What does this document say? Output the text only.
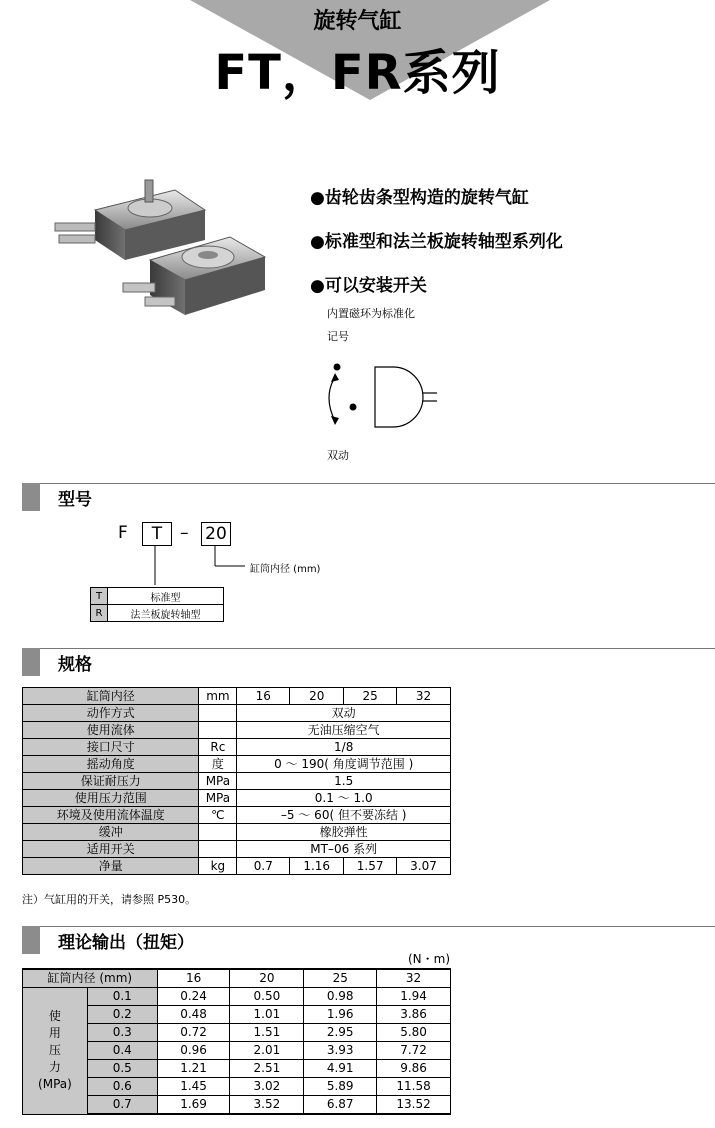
旋转气缸
FT，FR系列
●齿轮齿条型构造的旋转气缸
●标准型和法兰板旋转轴型系列化
●可以安装开关
内置磁环为标准化
记号
双动
型号
F	T	– 20
缸筒内径 (mm)
T	标准型
R	法兰板旋转轴型
规格
缸筒内径	mm	16	20	25	32
动作方式		双动			
使用流体		无油压缩空气			
接口尺寸	Rc	1/8			
摇动角度	度	0 ～ 190( 角度调节范围 )			
保证耐压力	MPa	1.5			
使用压力范围	MPa	0.1 ～ 1.0			
环境及使用流体温度	℃	–5 ～ 60( 但不要冻结 )			
缓冲		橡胶弹性			
适用开关		MT–06 系列			
净量	kg	0.7	1.16	1.57	3.07
注）气缸用的开关，请参照 P530。
理论输出（扭矩）
(N・m)
缸筒内径 (mm)		16	20	25	32

使
用
压
力
(MPa)	0.1	0.24	0.50	0.98	1.94
	0.2	0.48	1.01	1.96	3.86
	0.3	0.72	1.51	2.95	5.80
	0.4	0.96	2.01	3.93	7.72
	0.5	1.21	2.51	4.91	9.86
	0.6	1.45	3.02	5.89	11.58
	0.7	1.69	3.52	6.87	13.52
